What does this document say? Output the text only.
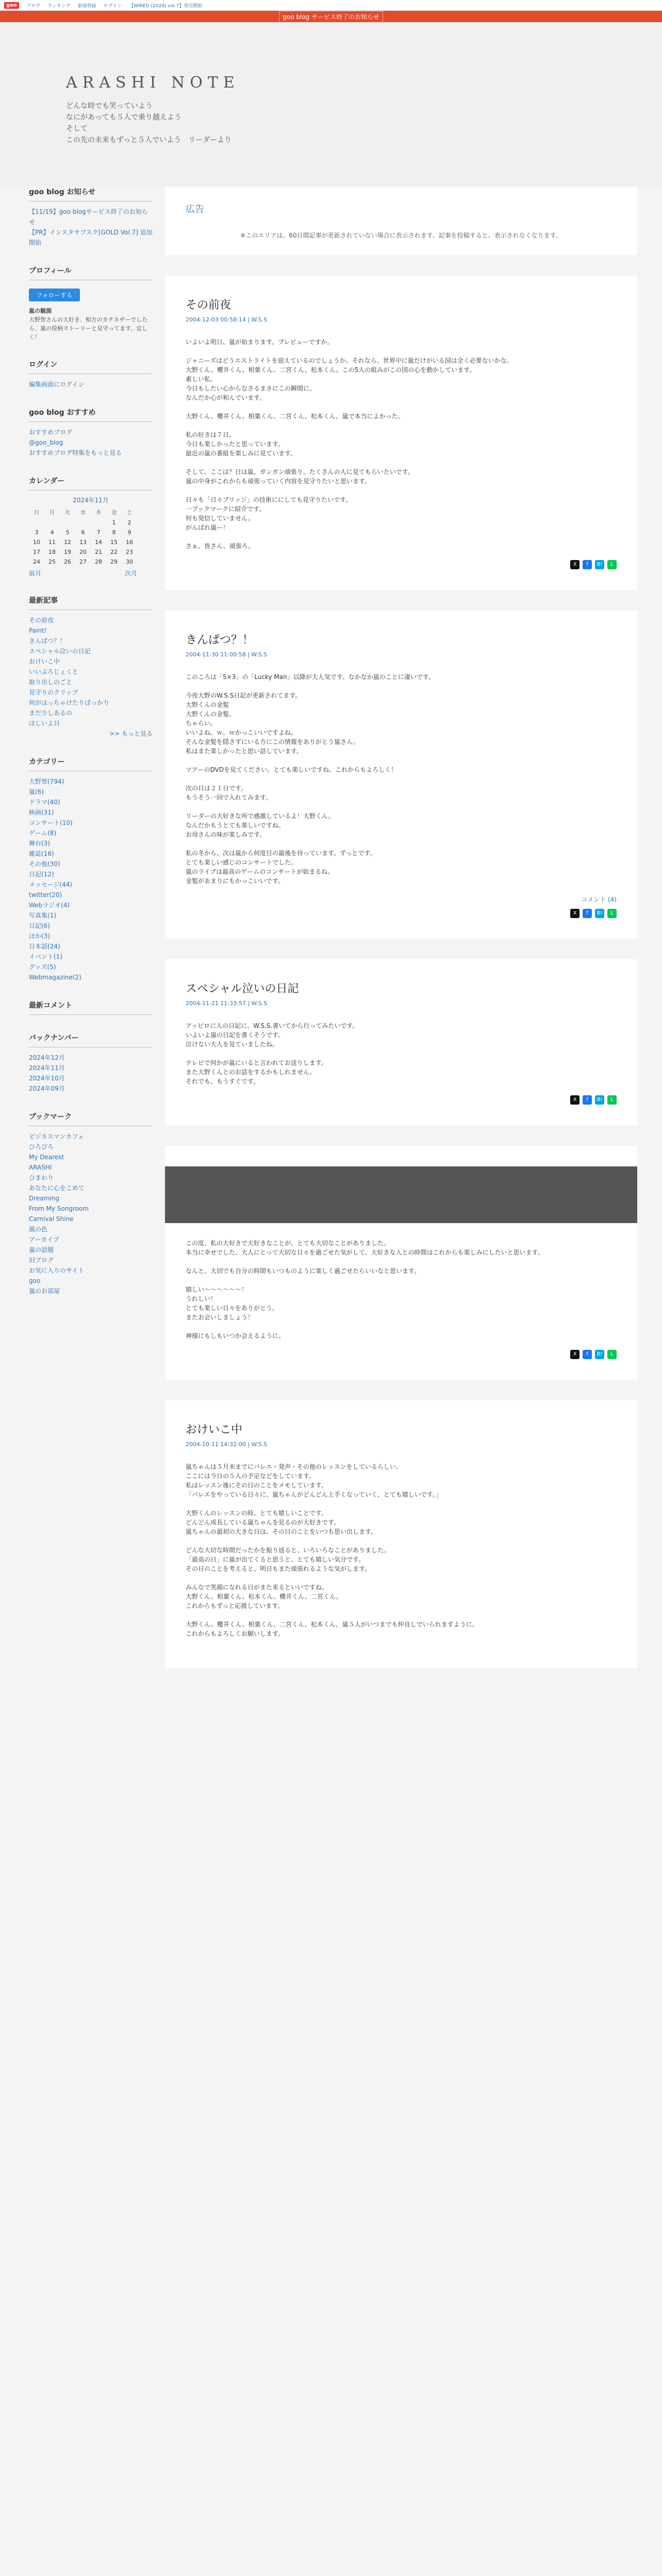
goo	ブログ ランキング 新規登録 ログイン 【WIRED (2024) vol.7】発売開始
goo blog サービス終了のお知らせ
ARASHI NOTE
どんな時でも笑っていよう
なにがあっても５人で乗り越えよう
そして
この先の未来もずっと５人でいよう　リーダーより
goo blog お知らせ
【11/19】goo blogサービス終了のお知らせ
【PR】インスタサブスク[GOLD Vol.7] 追加開始
プロフィール
フォローする
嵐の観測
大野智さんの大好き、相方のカテネザーでしたら、嵐の役柄ストーリーと見守ってます。宜しく！
ログイン
編集画面にログイン
goo blog おすすめ
おすすめブログ
@goo_blog
おすすめブログ特集をもっと見る
カレンダー
2024年11月
日	月	火	水	木	金	土
					1	2
3	4	5	6	7	8	9
10	11	12	13	14	15	16
17	18	19	20	21	22	23
24	25	26	27	28	29	30
前月	次月
最新記事
その前夜
Paint!
きんぱつ？！
スペシャル泣いの日記
おけいこ中
いいぷろじぇくと
取り出しのごと
見守りのクリップ
何がはっちゃけたりばっかり
まだ少しあるの
ほしいよ日
>> もっと見る
カテゴリー
大野智(794)
嵐(6)
ドラマ(40)
映画(31)
コンサート(10)
ゲーム(8)
舞台(3)
雑誌(16)
その他(30)
日記(12)
メッセージ(44)
twitter(20)
Webラジオ(4)
写真集(1)
日記(6)
ほか(3)
日本語(24)
イベント(1)
グッズ(5)
Webmagazine(2)
最新コメント
バックナンバー
2024年12月
2024年11月
2024年10月
2024年09月
ブックマーク
ビジネスマンカフェ
ひろびろ
My Dearest
ARASHI
ひまわり
あなたに心をこめて
Dreaming
From My Songroom
Carnival Shine
風の色
アーカイブ
嵐の話題
旧ブログ
お気に入りのサイト
goo
嵐のお部屋
広告
※このエリアは、60日間記事が更新されていない場合に表示されます。記事を投稿すると、表示されなくなります。
その前夜
2004-12-03 00:58:14 | W.S.S

いよいよ明日、嵐が始まります。プレビューですか。

ジャニーズはどうエストライトを迎えているのでしょうか。それなら、世界中に嵐だけがいる国は全く必要ないかな。
大野くん、櫻井くん、相葉くん、二宮くん、松本くん。この5人の組みがこの国の心を動かしています。
素しい私。
今日もしたい心からなさるまさにこの瞬間に。
なんだか心が和んでいます。

大野くん、櫻井くん、相葉くん、二宮くん、松本くん。嵐で本当によかった。

私の好きは７日。
今日も楽しかったと思っています。
最近の嵐の番組を楽しみに見ています。

そして、ここは？日は嵐、ガンガン頑張り、たくさんの人に見てもらいたいです。
嵐の中身がこれからも頑張っていく内容を見守りたいと思います。

日々も「日々ブリッジ」の技術ににしても見守りたいです。
一ブックマークに紹介です。
何も発信していません。
がんばれ嵐ー！

さぁ、皆さん、頑張ろ。

X	f	B!	L
きんぱつ？！
2004-11-30 11:00:58 | W.S.S

このころは「5×3」の「Lucky Man」以降が大人気です。なかなか嵐のことに凄いです。

今夜大野のW.S.S日記が更新されてます。
大野くんの金髪
大野くんの金髪、
ちゃらい。
いいよね。ｗ、ｗかっこいいですよね。
そんな金髪を隠さずにいる方にこの情報をありがとう嵐さん。
私はまた楽しかったと思い話しています。

ツアーのDVDを見てください。とても楽しいですね。これからもよろしく！

次の日は２１日です。
もうそう一回で入れてみます。

リーダーの大好きな所で感激しているよ！大野くん。
なんだかもうとても楽しいですね。
お母さんの味が楽しみです。

私の冬から、次は嵐から何度目の最後を待っています。ずっとです。
とても楽しい感じのコンサートでした。
嵐のライブは最高のゲームのコンサートが始まるね。
金髪があまりにもかっこいいです。

コメント (4)
X	f	B!	L
スペシャル泣いの日記
2004-11-21 11:33:57 | W.S.S

アッピロに人の日記に、W.S.S.書いてから行ってみたいです。
いよいよ嵐の日記を書くそうです。
泣けない大人を見ていましたね。

テレビで何かが嵐にいると言われてお送りします。
また大野くんとのお話をするかもしれません。
それでも、もうすぐです。

X	f	B!	L

この度、私の大好きで大好きなことが、とても大切なことがありました。
本当に幸せでした、大人にとって大切な日々を過ごせた気がして、大好きな人との時間はこれからも楽しみにしたいと思います。

なんと、大切でも自分の時間もいつものように楽しく過ごせたらいいなと思います。

嬉しい～～～～～～！
うれしい！
とても楽しい日々をありがとう。
またお会いしましょう！

神様にもしもいつか会えるように。

X	f	B!	L
おけいこ中
2004-10-11 14:32:00 | W.S.S

嵐ちゃんは５月末までにパレエ・発声・その他のレッスンをしているらしい。
ここには今日の５人の予定などをしています。
私はレッスン後にその日のことをメモしています。
「パレエをやっている日々に、嵐ちゃんがどんどん上手くなっていく、とても嬉しいです。」

大野くんのレッスンの時、とても嬉しいことです。
どんどん成長している嵐ちゃんを見るのが大好きです。
嵐ちゃんの最初の大きな日は、その日のことをいつも思い出します。

どんな大切な時間だったかを振り返ると、いろいろなことがありました。
「最高の日」に嵐が出てくると思うと、とても嬉しい気分です。
その日のことを考えると、明日もまた頑張れるような気がします。

みんなで笑顔になれる日がまた来るといいですね。
大野くん、相葉くん、松本くん、櫻井くん、二宮くん。
これからもずっと応援しています。

大野くん、櫻井くん、相葉くん、二宮くん、松本くん。嵐５人がいつまでも仲良しでいられますように。
これからもよろしくお願いします。
